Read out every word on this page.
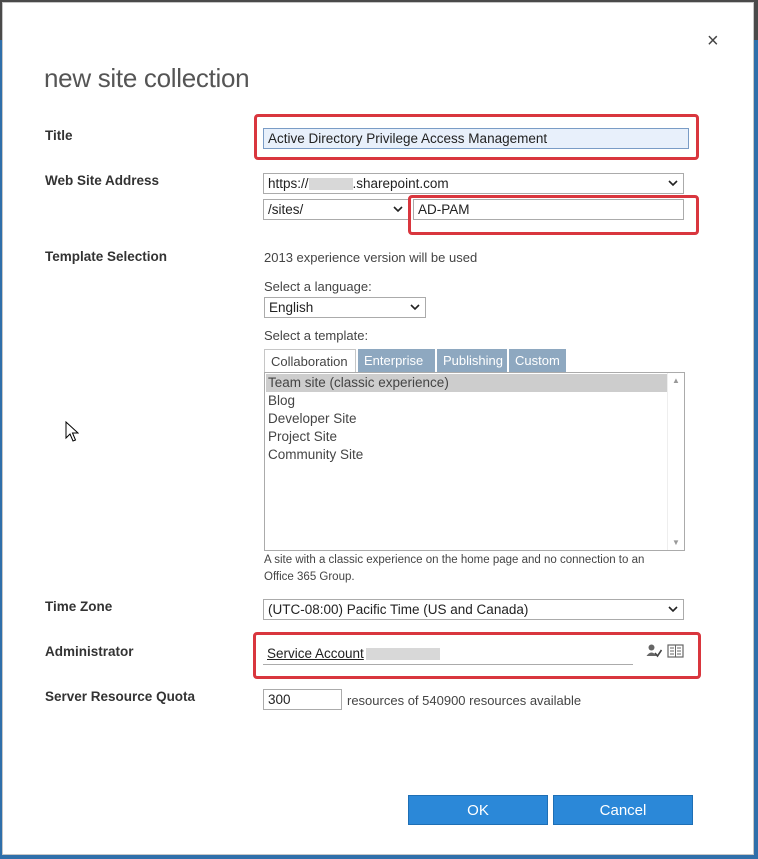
×
new site collection
Title	Active Directory Privilege Access Management
Web Site Address	https://	.sharepoint.com
/sites/	AD-PAM
Template Selection	2013 experience version will be used
Select a language:
English
Select a template:
Collaboration	Enterprise	Publishing Custom
Team site (classic experience)
Blog
Developer Site
Project Site
Community Site
▲
▼
A site with a classic experience on the home page and no connection to an
Office 365 Group.
Time Zone	(UTC-08:00) Pacific Time (US and Canada)
Administrator	Service Account
Server Resource Quota	300	resources of 540900 resources available
OK	Cancel
